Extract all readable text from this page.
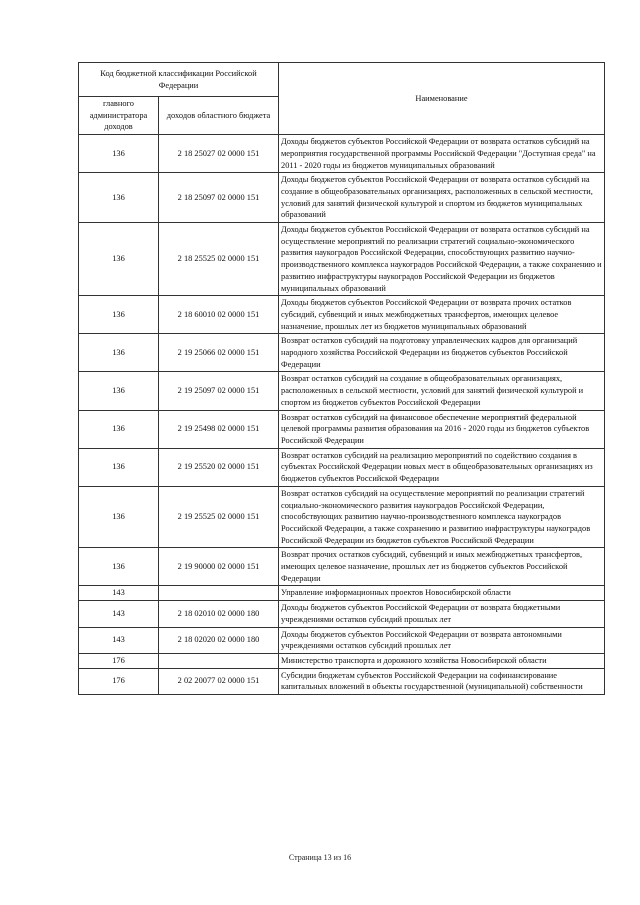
Код бюджетной классификации Российской Федерации		Наименование
главного администратора доходов	доходов областного бюджета	
136	2 18 25027 02 0000 151	Доходы бюджетов субъектов Российской Федерации от возврата остатков субсидий на мероприятия государственной программы Российской Федерации "Доступная среда" на 2011 - 2020 годы из бюджетов муниципальных образований
136	2 18 25097 02 0000 151	Доходы бюджетов субъектов Российской Федерации от возврата остатков субсидий на создание в общеобразовательных организациях, расположенных в сельской местности, условий для занятий физической культурой и спортом из бюджетов муниципальных образований
136	2 18 25525 02 0000 151	Доходы бюджетов субъектов Российской Федерации от возврата остатков субсидий на осуществление мероприятий по реализации стратегий социально-экономического развития наукоградов Российской Федерации, способствующих развитию научно-производственного комплекса наукоградов Российской Федерации, а также сохранению и развитию инфраструктуры наукоградов Российской Федерации из бюджетов муниципальных образований
136	2 18 60010 02 0000 151	Доходы бюджетов субъектов Российской Федерации от возврата прочих остатков субсидий, субвенций и иных межбюджетных трансфертов, имеющих целевое назначение, прошлых лет из бюджетов муниципальных образований
136	2 19 25066 02 0000 151	Возврат остатков субсидий на подготовку управленческих кадров для организаций народного хозяйства Российской Федерации из бюджетов субъектов Российской Федерации
136	2 19 25097 02 0000 151	Возврат остатков субсидий на создание в общеобразовательных организациях, расположенных в сельской местности, условий для занятий физической культурой и спортом из бюджетов субъектов Российской Федерации
136	2 19 25498 02 0000 151	Возврат остатков субсидий на финансовое обеспечение мероприятий федеральной целевой программы развития образования на 2016 - 2020 годы из бюджетов субъектов Российской Федерации
136	2 19 25520 02 0000 151	Возврат остатков субсидий на реализацию мероприятий по содействию создания в субъектах Российской Федерации новых мест в общеобразовательных организациях из бюджетов субъектов Российской Федерации
136	2 19 25525 02 0000 151	Возврат остатков субсидий на осуществление мероприятий по реализации стратегий социально-экономического развития наукоградов Российской Федерации, способствующих развитию научно-производственного комплекса наукоградов Российской Федерации, а также сохранению и развитию инфраструктуры наукоградов Российской Федерации из бюджетов субъектов Российской Федерации
136	2 19 90000 02 0000 151	Возврат прочих остатков субсидий, субвенций и иных межбюджетных трансфертов, имеющих целевое назначение, прошлых лет из бюджетов субъектов Российской Федерации
143		Управление информационных проектов Новосибирской области
143	2 18 02010 02 0000 180	Доходы бюджетов субъектов Российской Федерации от возврата бюджетными учреждениями остатков субсидий прошлых лет
143	2 18 02020 02 0000 180	Доходы бюджетов субъектов Российской Федерации от возврата автономными учреждениями остатков субсидий прошлых лет
176		Министерство транспорта и дорожного хозяйства Новосибирской области
176	2 02 20077 02 0000 151	Субсидии бюджетам субъектов Российской Федерации на софинансирование капитальных вложений в объекты государственной (муниципальной) собственности
Страница 13 из 16
